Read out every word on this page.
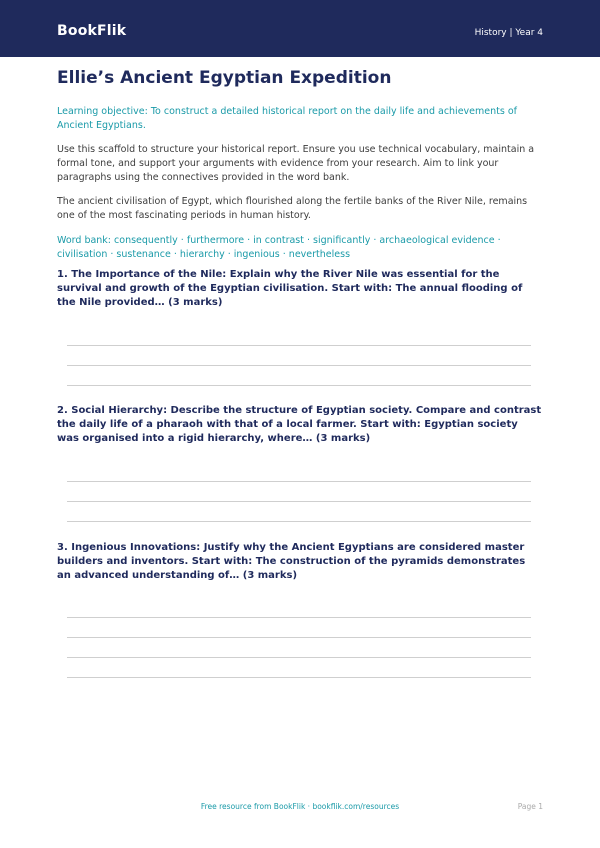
BookFlik	History | Year 4
Ellie’s Ancient Egyptian Expedition
Learning objective: To construct a detailed historical report on the daily life and achievements of Ancient Egyptians.
Use this scaffold to structure your historical report. Ensure you use technical vocabulary, maintain a formal tone, and support your arguments with evidence from your research. Aim to link your paragraphs using the connectives provided in the word bank.
The ancient civilisation of Egypt, which flourished along the fertile banks of the River Nile, remains one of the most fascinating periods in human history.
Word bank: consequently · furthermore · in contrast · significantly · archaeological evidence · civilisation · sustenance · hierarchy · ingenious · nevertheless
1. The Importance of the Nile: Explain why the River Nile was essential for the survival and growth of the Egyptian civilisation. Start with: The annual flooding of the Nile provided… (3 marks)
2. Social Hierarchy: Describe the structure of Egyptian society. Compare and contrast the daily life of a pharaoh with that of a local farmer. Start with: Egyptian society was organised into a rigid hierarchy, where… (3 marks)
3. Ingenious Innovations: Justify why the Ancient Egyptians are considered master builders and inventors. Start with: The construction of the pyramids demonstrates an advanced understanding of… (3 marks)
Free resource from BookFlik · bookflik.com/resources	Page 1
